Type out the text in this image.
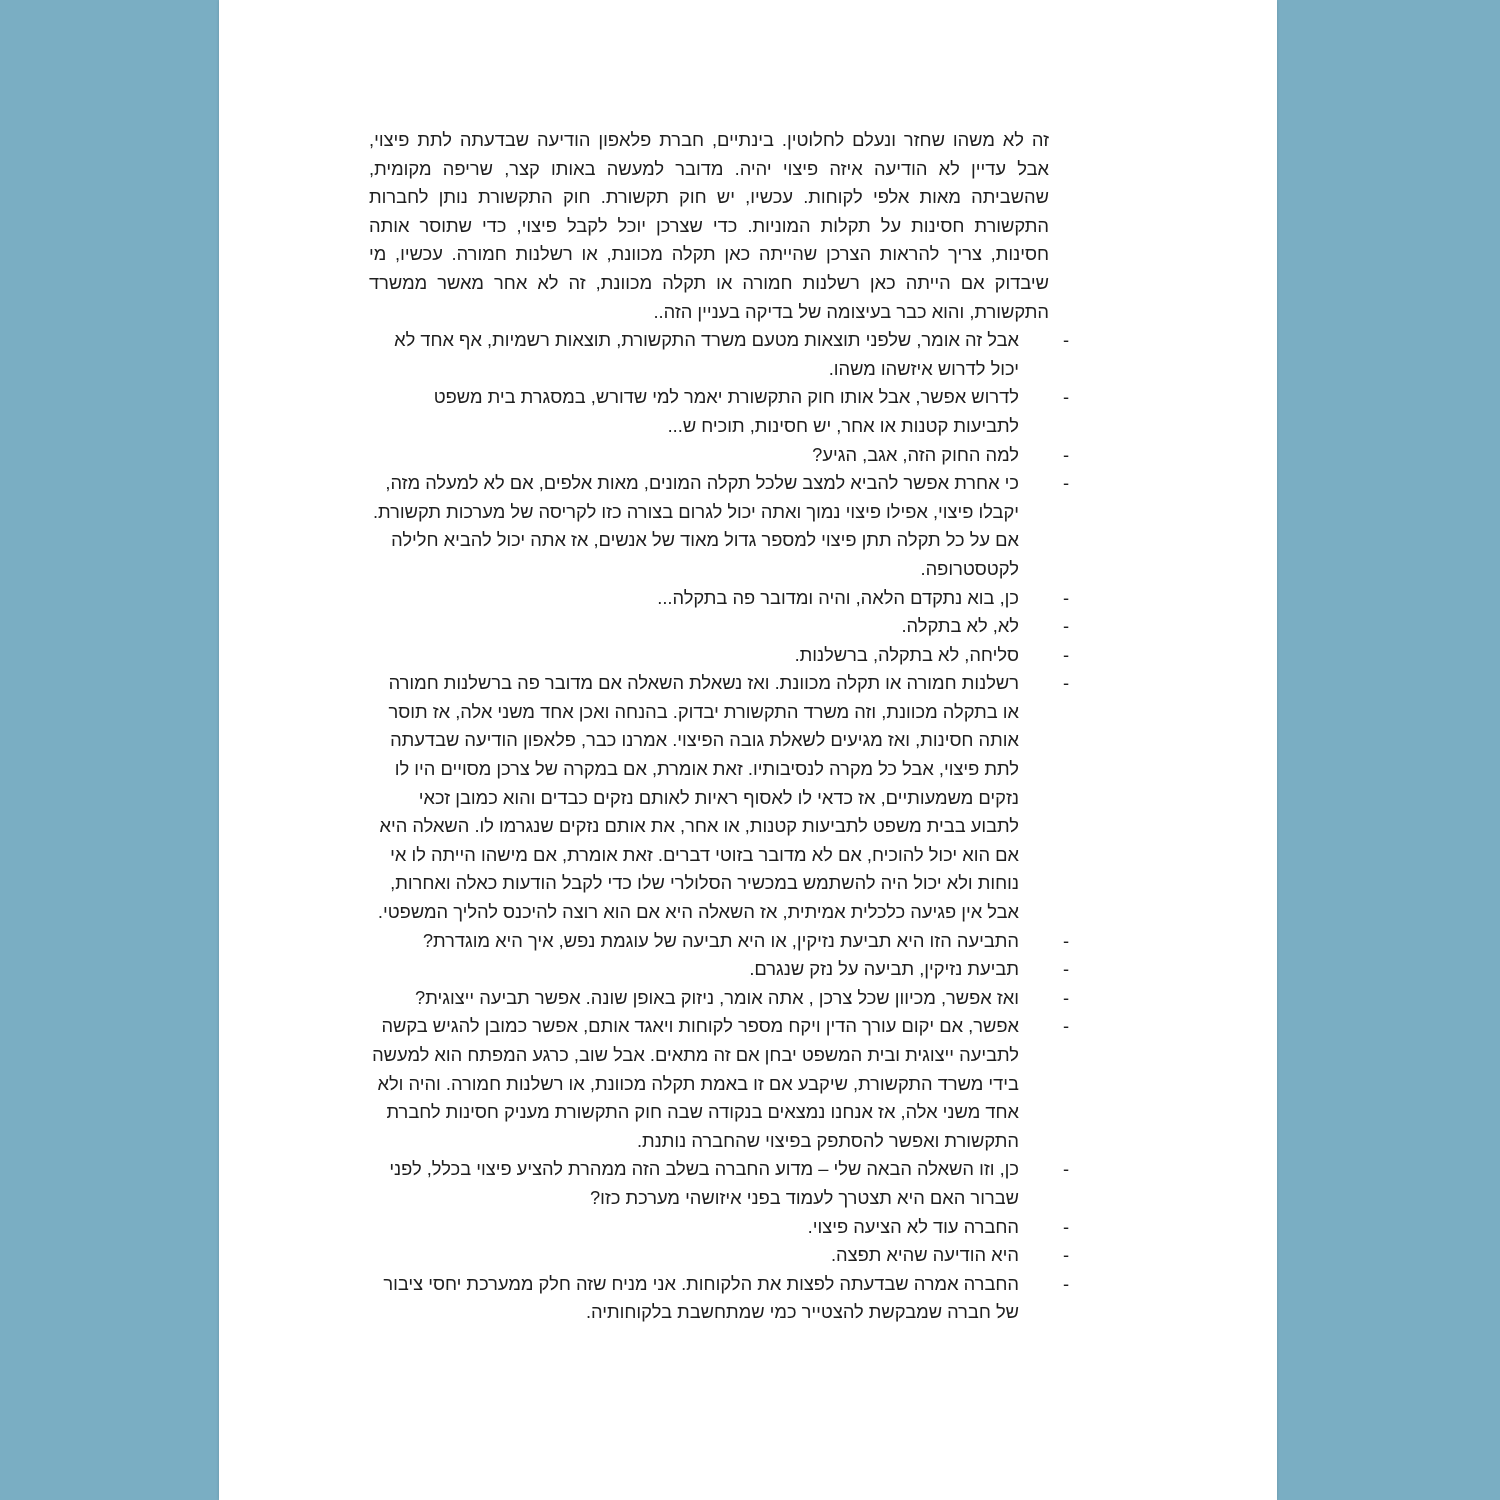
זה לא משהו שחזר ונעלם לחלוטין. בינתיים, חברת פלאפון הודיעה שבדעתה לתת פיצוי, אבל עדיין לא הודיעה איזה פיצוי יהיה. מדובר למעשה באותו קצר, שריפה מקומית, שהשביתה מאות אלפי לקוחות. עכשיו, יש חוק תקשורת. חוק התקשורת נותן לחברות התקשורת חסינות על תקלות המוניות. כדי שצרכן יוכל לקבל פיצוי, כדי שתוסר אותה חסינות, צריך להראות הצרכן שהייתה כאן תקלה מכוונת, או רשלנות חמורה. עכשיו, מי שיבדוק אם הייתה כאן רשלנות חמורה או תקלה מכוונת, זה לא אחר מאשר ממשרד התקשורת, והוא כבר בעיצומה של בדיקה בעניין הזה..

-
אבל זה אומר, שלפני תוצאות מטעם משרד התקשורת, תוצאות רשמיות, אף אחד לא יכול לדרוש איזשהו משהו.
-
לדרוש אפשר, אבל אותו חוק התקשורת יאמר למי שדורש, במסגרת בית משפט לתביעות קטנות או אחר, יש חסינות, תוכיח ש...
-
למה החוק הזה, אגב, הגיע?
-
כי אחרת אפשר להביא למצב שלכל תקלה המונים, מאות אלפים, אם לא למעלה מזה, יקבלו פיצוי, אפילו פיצוי נמוך ואתה יכול לגרום בצורה כזו לקריסה של מערכות תקשורת. אם על כל תקלה תתן פיצוי למספר גדול מאוד של אנשים, אז אתה יכול להביא חלילה לקטסטרופה.
-
כן, בוא נתקדם הלאה, והיה ומדובר פה בתקלה...
-
לא, לא בתקלה.
-
סליחה, לא בתקלה, ברשלנות.
-
רשלנות חמורה או תקלה מכוונת. ואז נשאלת השאלה אם מדובר פה ברשלנות חמורה או בתקלה מכוונת, וזה משרד התקשורת יבדוק. בהנחה ואכן אחד משני אלה, אז תוסר אותה חסינות, ואז מגיעים לשאלת גובה הפיצוי. אמרנו כבר, פלאפון הודיעה שבדעתה לתת פיצוי, אבל כל מקרה לנסיבותיו. זאת אומרת, אם במקרה של צרכן מסויים היו לו נזקים משמעותיים, אז כדאי לו לאסוף ראיות לאותם נזקים כבדים והוא כמובן זכאי לתבוע בבית משפט לתביעות קטנות, או אחר, את אותם נזקים שנגרמו לו. השאלה היא אם הוא יכול להוכיח, אם לא מדובר בזוטי דברים. זאת אומרת, אם מישהו הייתה לו אי נוחות ולא יכול היה להשתמש במכשיר הסלולרי שלו כדי לקבל הודעות כאלה ואחרות, אבל אין פגיעה כלכלית אמיתית, אז השאלה היא אם הוא רוצה להיכנס להליך המשפטי.
-
התביעה הזו היא תביעת נזיקין, או היא תביעה של עוגמת נפש, איך היא מוגדרת?
-
תביעת נזיקין, תביעה על נזק שנגרם.
-
ואז אפשר, מכיוון שכל צרכן , אתה אומר, ניזוק באופן שונה. אפשר תביעה ייצוגית?
-
אפשר, אם יקום עורך הדין ויקח מספר לקוחות ויאגד אותם, אפשר כמובן להגיש בקשה לתביעה ייצוגית ובית המשפט יבחן אם זה מתאים. אבל שוב, כרגע המפתח הוא למעשה בידי משרד התקשורת, שיקבע אם זו באמת תקלה מכוונת, או רשלנות חמורה. והיה ולא אחד משני אלה, אז אנחנו נמצאים בנקודה שבה חוק התקשורת מעניק חסינות לחברת התקשורת ואפשר להסתפק בפיצוי שהחברה נותנת.
-
כן, וזו השאלה הבאה שלי – מדוע החברה בשלב הזה ממהרת להציע פיצוי בכלל, לפני שברור האם היא תצטרך לעמוד בפני איזושהי מערכת כזו?
-
החברה עוד לא הציעה פיצוי.
-
היא הודיעה שהיא תפצה.
-
החברה אמרה שבדעתה לפצות את הלקוחות. אני מניח שזה חלק ממערכת יחסי ציבור של חברה שמבקשת להצטייר כמי שמתחשבת בלקוחותיה.
